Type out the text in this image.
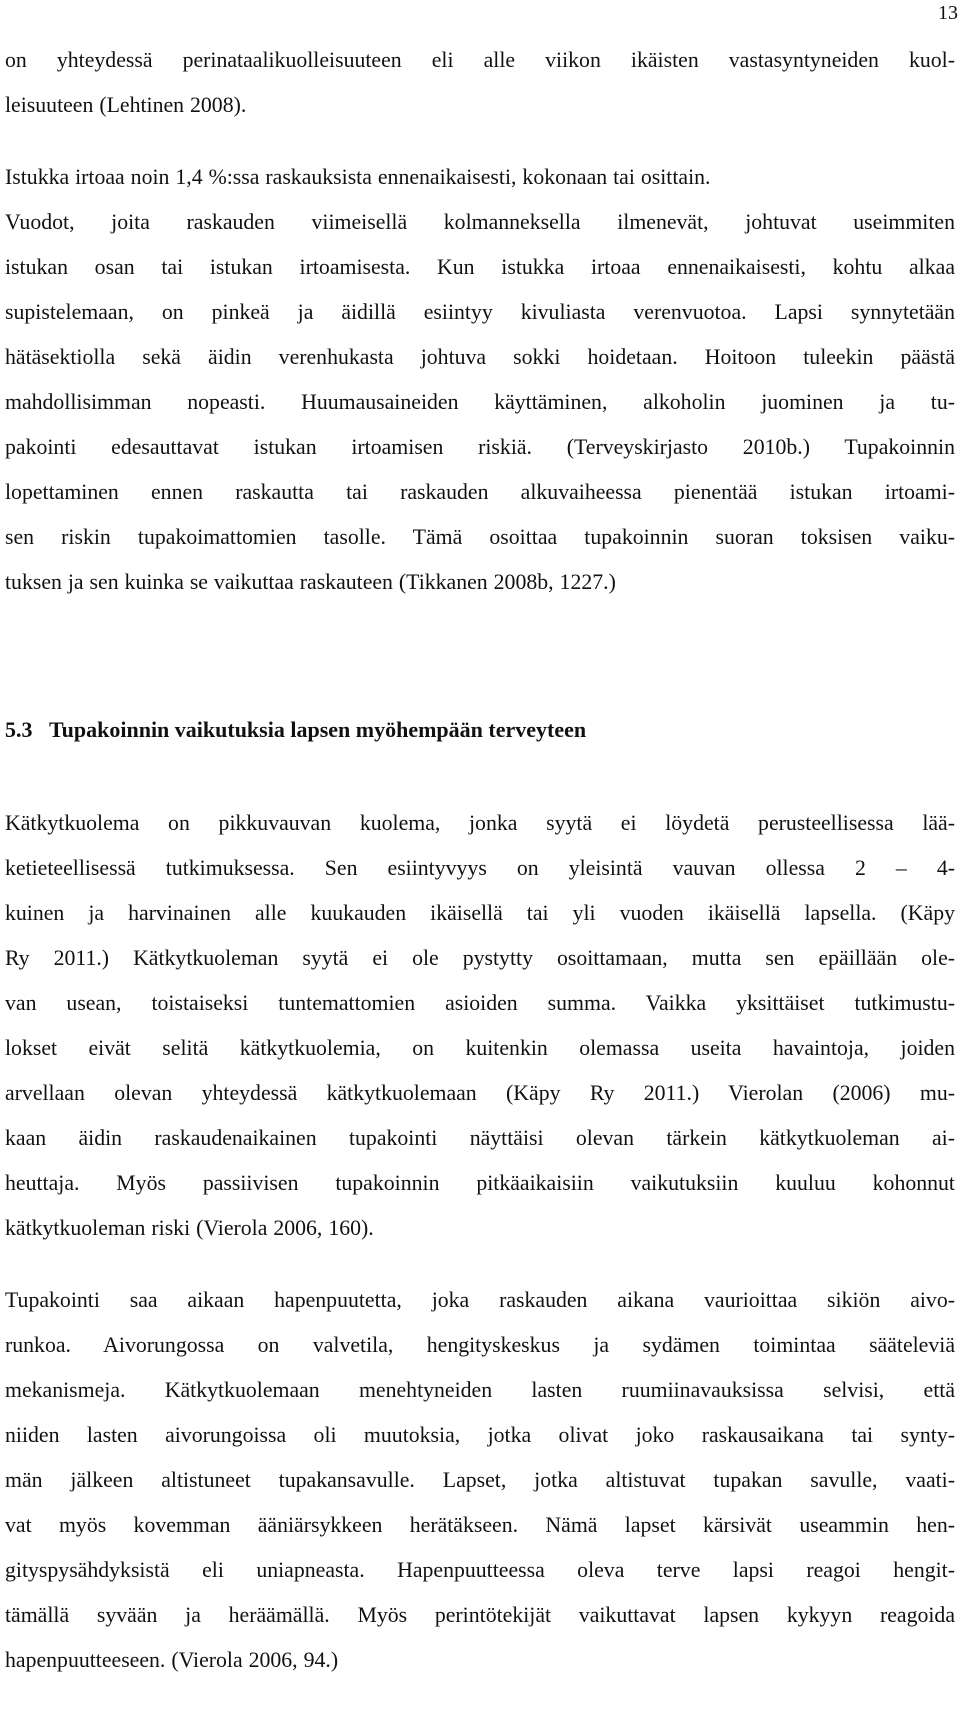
13

on yhteydessä perinataalikuolleisuuteen eli alle viikon ikäisten vastasyntyneiden kuol-

leisuuteen (Lehtinen 2008).

Istukka irtoaa noin 1,4 %:ssa raskauksista ennenaikaisesti, kokonaan tai osittain.

Vuodot, joita raskauden viimeisellä kolmanneksella ilmenevät, johtuvat useimmiten

istukan osan tai istukan irtoamisesta. Kun istukka irtoaa ennenaikaisesti, kohtu alkaa

supistelemaan, on pinkeä ja äidillä esiintyy kivuliasta verenvuotoa. Lapsi synnytetään

hätäsektiolla sekä äidin verenhukasta johtuva sokki hoidetaan. Hoitoon tuleekin päästä

mahdollisimman nopeasti. Huumausaineiden käyttäminen, alkoholin juominen ja tu-

pakointi edesauttavat istukan irtoamisen riskiä. (Terveyskirjasto 2010b.) Tupakoinnin

lopettaminen ennen raskautta tai raskauden alkuvaiheessa pienentää istukan irtoami-

sen riskin tupakoimattomien tasolle. Tämä osoittaa tupakoinnin suoran toksisen vaiku-

tuksen ja sen kuinka se vaikuttaa raskauteen (Tikkanen 2008b, 1227.)

5.3 Tupakoinnin vaikutuksia lapsen myöhempään terveyteen

Kätkytkuolema on pikkuvauvan kuolema, jonka syytä ei löydetä perusteellisessa lää-

ketieteellisessä tutkimuksessa. Sen esiintyvyys on yleisintä vauvan ollessa 2 – 4-

kuinen ja harvinainen alle kuukauden ikäisellä tai yli vuoden ikäisellä lapsella. (Käpy

Ry 2011.) Kätkytkuoleman syytä ei ole pystytty osoittamaan, mutta sen epäillään ole-

van usean, toistaiseksi tuntemattomien asioiden summa. Vaikka yksittäiset tutkimustu-

lokset eivät selitä kätkytkuolemia, on kuitenkin olemassa useita havaintoja, joiden

arvellaan olevan yhteydessä kätkytkuolemaan (Käpy Ry 2011.) Vierolan (2006) mu-

kaan äidin raskaudenaikainen tupakointi näyttäisi olevan tärkein kätkytkuoleman ai-

heuttaja. Myös passiivisen tupakoinnin pitkäaikaisiin vaikutuksiin kuuluu kohonnut

kätkytkuoleman riski (Vierola 2006, 160).

Tupakointi saa aikaan hapenpuutetta, joka raskauden aikana vaurioittaa sikiön aivo-

runkoa. Aivorungossa on valvetila, hengityskeskus ja sydämen toimintaa sääteleviä

mekanismeja. Kätkytkuolemaan menehtyneiden lasten ruumiinavauksissa selvisi, että

niiden lasten aivorungoissa oli muutoksia, jotka olivat joko raskausaikana tai synty-

män jälkeen altistuneet tupakansavulle. Lapset, jotka altistuvat tupakan savulle, vaati-

vat myös kovemman ääniärsykkeen herätäkseen. Nämä lapset kärsivät useammin hen-

gityspysähdyksistä eli uniapneasta. Hapenpuutteessa oleva terve lapsi reagoi hengit-

tämällä syvään ja heräämällä. Myös perintötekijät vaikuttavat lapsen kykyyn reagoida

hapenpuutteeseen. (Vierola 2006, 94.)
